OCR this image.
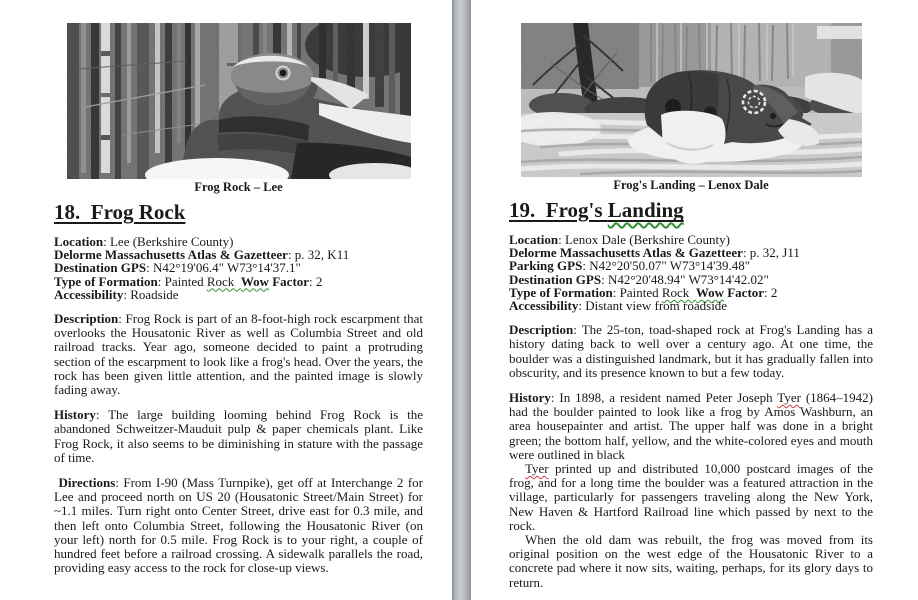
Frog Rock – Lee
18.  Frog Rock
Location: Lee (Berkshire County)
Delorme Massachusetts Atlas & Gazetteer: p. 32, K11
Destination GPS: N42°19'06.4" W73°14'37.1"
Type of Formation: Painted Rock  Wow Factor: 2
Accessibility: Roadside
Description: Frog Rock is part of an 8-foot-high rock escarpment that overlooks the Housatonic River as well as Columbia Street and old railroad tracks. Year ago, someone decided to paint a protruding section of the escarpment to look like a frog's head. Over the years, the rock has been given little attention, and the painted image is slowly fading away.
History: The large building looming behind Frog Rock is the abandoned Schweitzer-Mauduit pulp & paper chemicals plant. Like Frog Rock, it also seems to be diminishing in stature with the passage of time.
Directions: From I-90 (Mass Turnpike), get off at Interchange 2 for Lee and proceed north on US 20 (Housatonic Street/Main Street) for ~1.1 miles. Turn right onto Center Street, drive east for 0.3 mile, and then left onto Columbia Street, following the Housatonic River (on your left) north for 0.5 mile. Frog Rock is to your right, a couple of hundred feet before a railroad crossing. A sidewalk parallels the road, providing easy access to the rock for close-up views.
Frog's Landing – Lenox Dale
19.  Frog's Landing
Location: Lenox Dale (Berkshire County)
Delorme Massachusetts Atlas & Gazetteer: p. 32, J11
Parking GPS: N42°20'50.07" W73°14'39.48"
Destination GPS: N42°20'48.94" W73°14'42.02"
Type of Formation: Painted Rock  Wow Factor: 2
Accessibility: Distant view from roadside
Description: The 25-ton, toad-shaped rock at Frog's Landing has a history dating back to well over a century ago. At one time, the boulder was a distinguished landmark, but it has gradually fallen into obscurity, and its presence known to but a few today.
History: In 1898, a resident named Peter Joseph Tyer (1864–1942) had the boulder painted to look like a frog by Amos Washburn, an area housepainter and artist. The upper half was done in a bright green; the bottom half, yellow, and the white-colored eyes and mouth were outlined in black
Tyer printed up and distributed 10,000 postcard images of the frog, and for a long time the boulder was a featured attraction in the village, particularly for passengers traveling along the New York, New Haven & Hartford Railroad line which passed by next to the rock.
When the old dam was rebuilt, the frog was moved from its original position on the west edge of the Housatonic River to a concrete pad where it now sits, waiting, perhaps, for its glory days to return.
